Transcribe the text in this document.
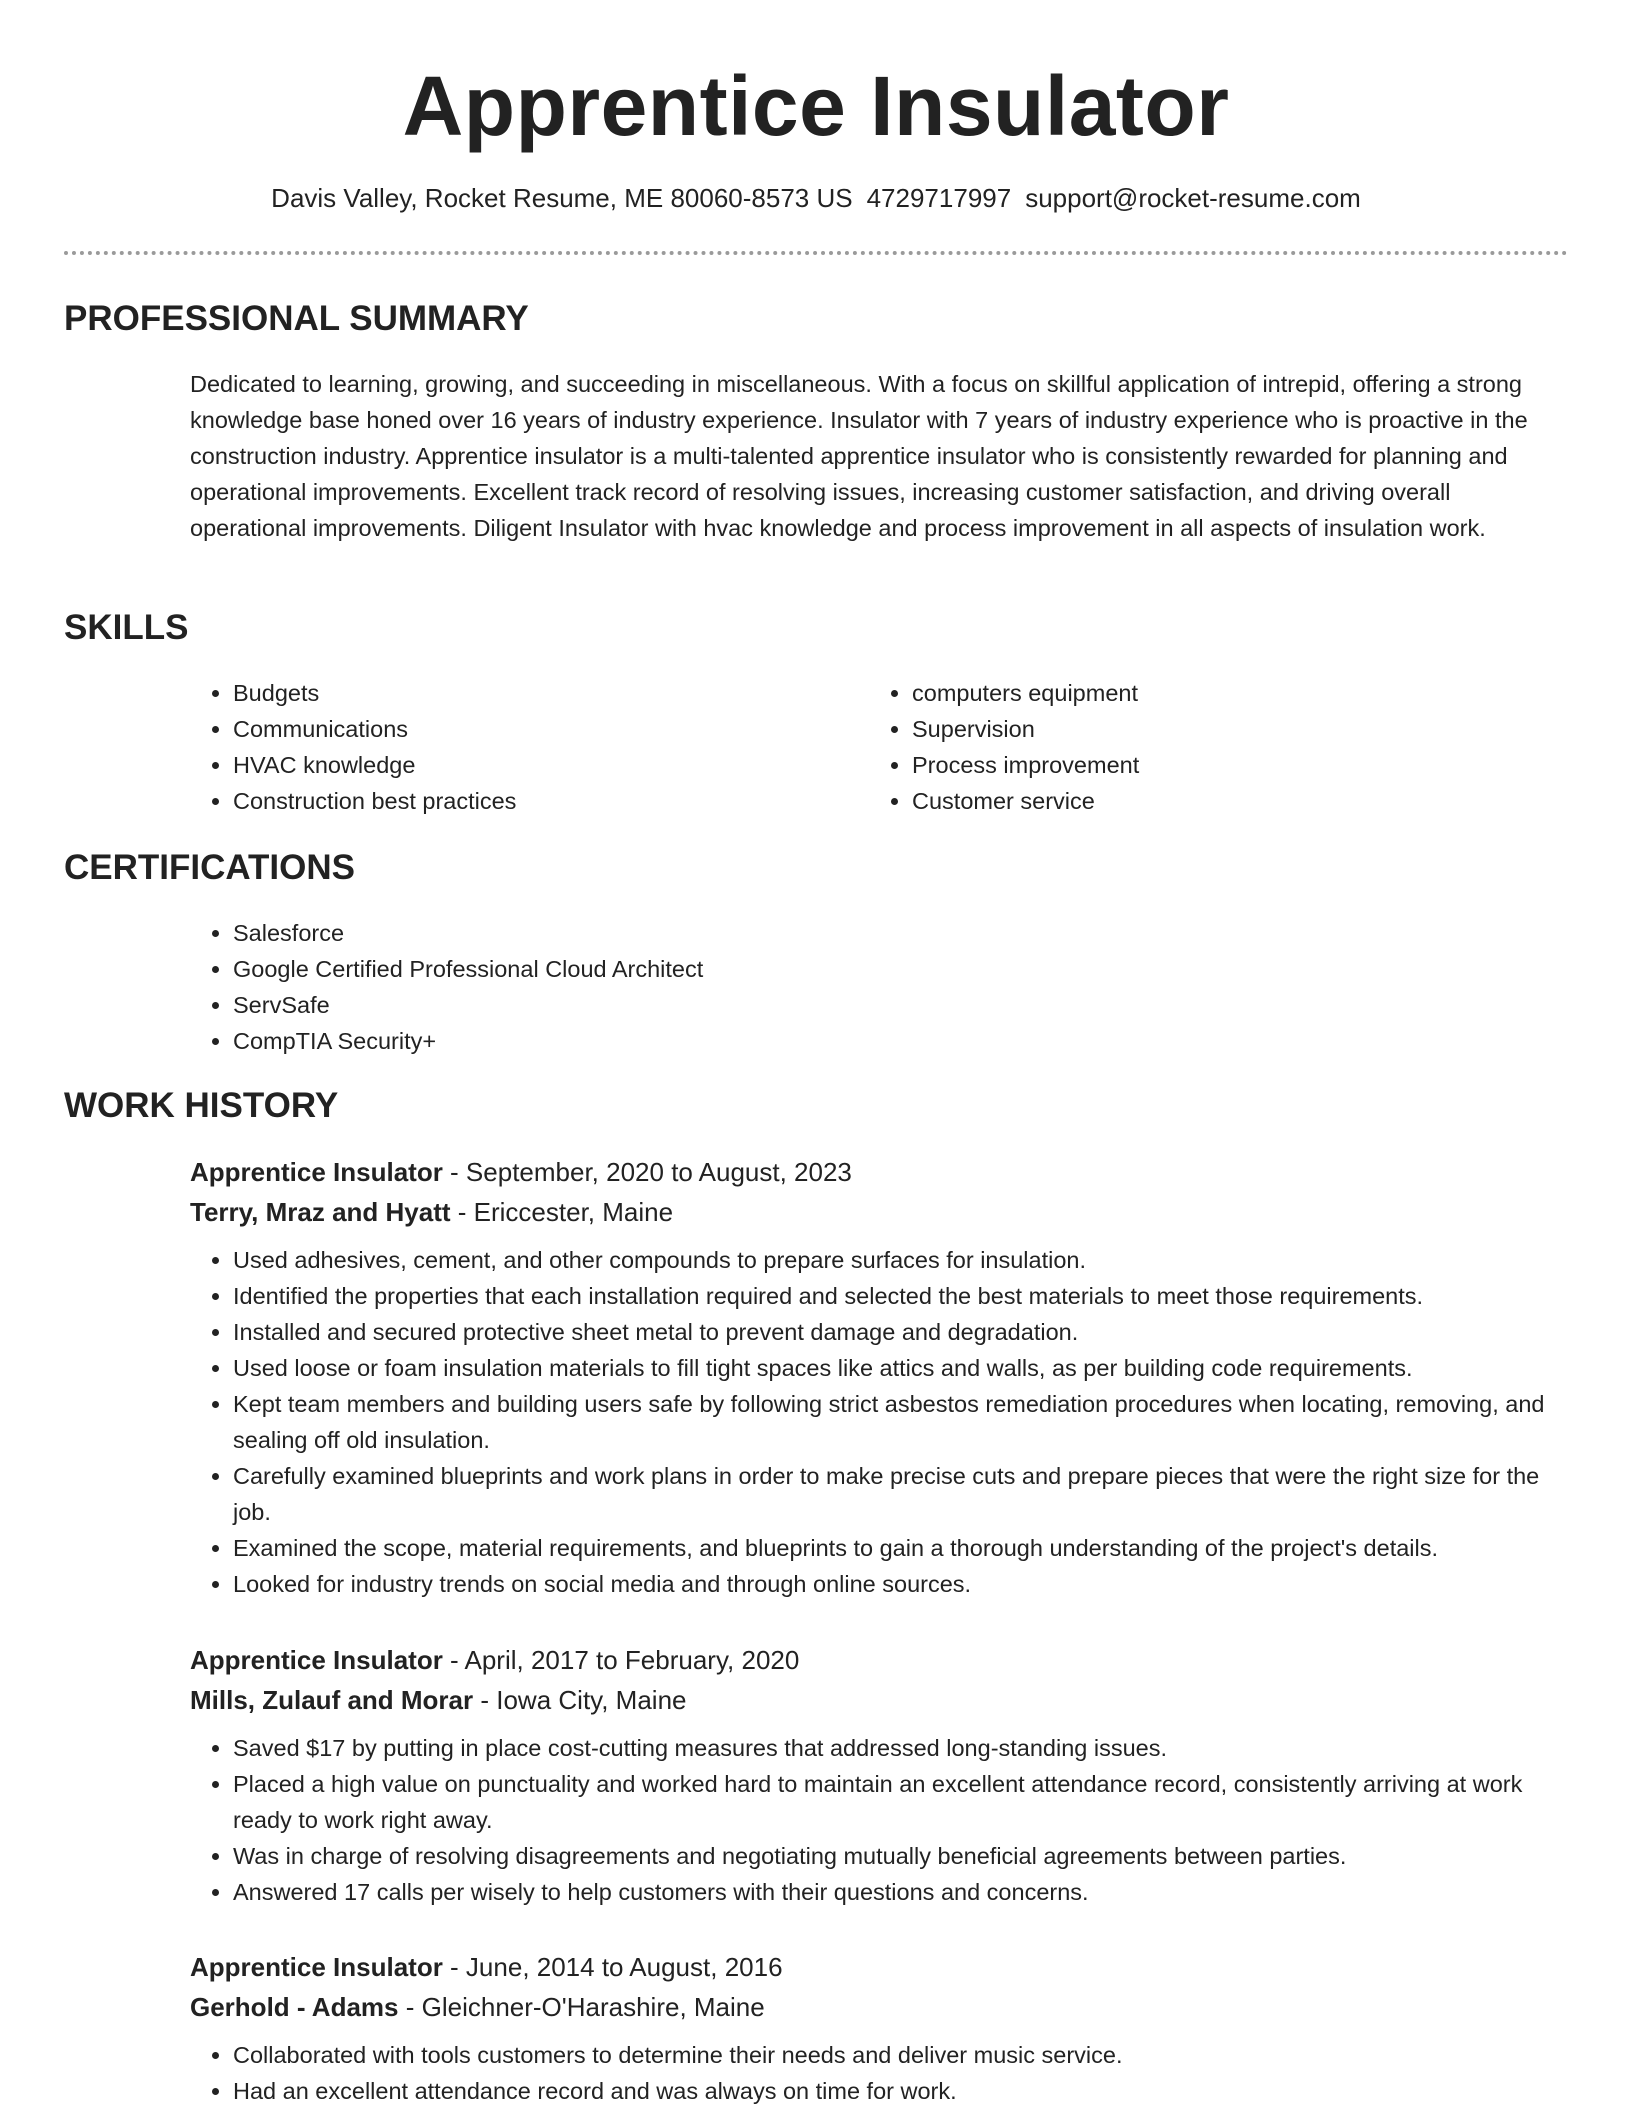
Apprentice Insulator
Davis Valley, Rocket Resume, ME 80060-8573 US 4729717997 support@rocket-resume.com
PROFESSIONAL SUMMARY

Dedicated to learning, growing, and succeeding in miscellaneous. With a focus on skillful application of intrepid, offering a strong knowledge base honed over 16 years of industry experience. Insulator with 7 years of industry experience who is proactive in the construction industry. Apprentice insulator is a multi-talented apprentice insulator who is consistently rewarded for planning and operational improvements. Excellent track record of resolving issues, increasing customer satisfaction, and driving overall operational improvements. Diligent Insulator with hvac knowledge and process improvement in all aspects of insulation work.

SKILLS
• Budgets
• Communications
• HVAC knowledge
• Construction best practices
• computers equipment
• Supervision
• Process improvement
• Customer service
CERTIFICATIONS
• Salesforce
• Google Certified Professional Cloud Architect
• ServSafe
• CompTIA Security+
WORK HISTORY

Apprentice Insulator - September, 2020 to August, 2023

Terry, Mraz and Hyatt - Ericcester, Maine

• Used adhesives, cement, and other compounds to prepare surfaces for insulation.
• Identified the properties that each installation required and selected the best materials to meet those requirements.
• Installed and secured protective sheet metal to prevent damage and degradation.
• Used loose or foam insulation materials to fill tight spaces like attics and walls, as per building code requirements.
• Kept team members and building users safe by following strict asbestos remediation procedures when locating, removing, and sealing off old insulation.
• Carefully examined blueprints and work plans in order to make precise cuts and prepare pieces that were the right size for the job.
• Examined the scope, material requirements, and blueprints to gain a thorough understanding of the project's details.
• Looked for industry trends on social media and through online sources.

Apprentice Insulator - April, 2017 to February, 2020

Mills, Zulauf and Morar - Iowa City, Maine

• Saved $17 by putting in place cost-cutting measures that addressed long-standing issues.
• Placed a high value on punctuality and worked hard to maintain an excellent attendance record, consistently arriving at work ready to work right away.
• Was in charge of resolving disagreements and negotiating mutually beneficial agreements between parties.
• Answered 17 calls per wisely to help customers with their questions and concerns.

Apprentice Insulator - June, 2014 to August, 2016

Gerhold - Adams - Gleichner-O'Harashire, Maine

• Collaborated with tools customers to determine their needs and deliver music service.
• Had an excellent attendance record and was always on time for work.
